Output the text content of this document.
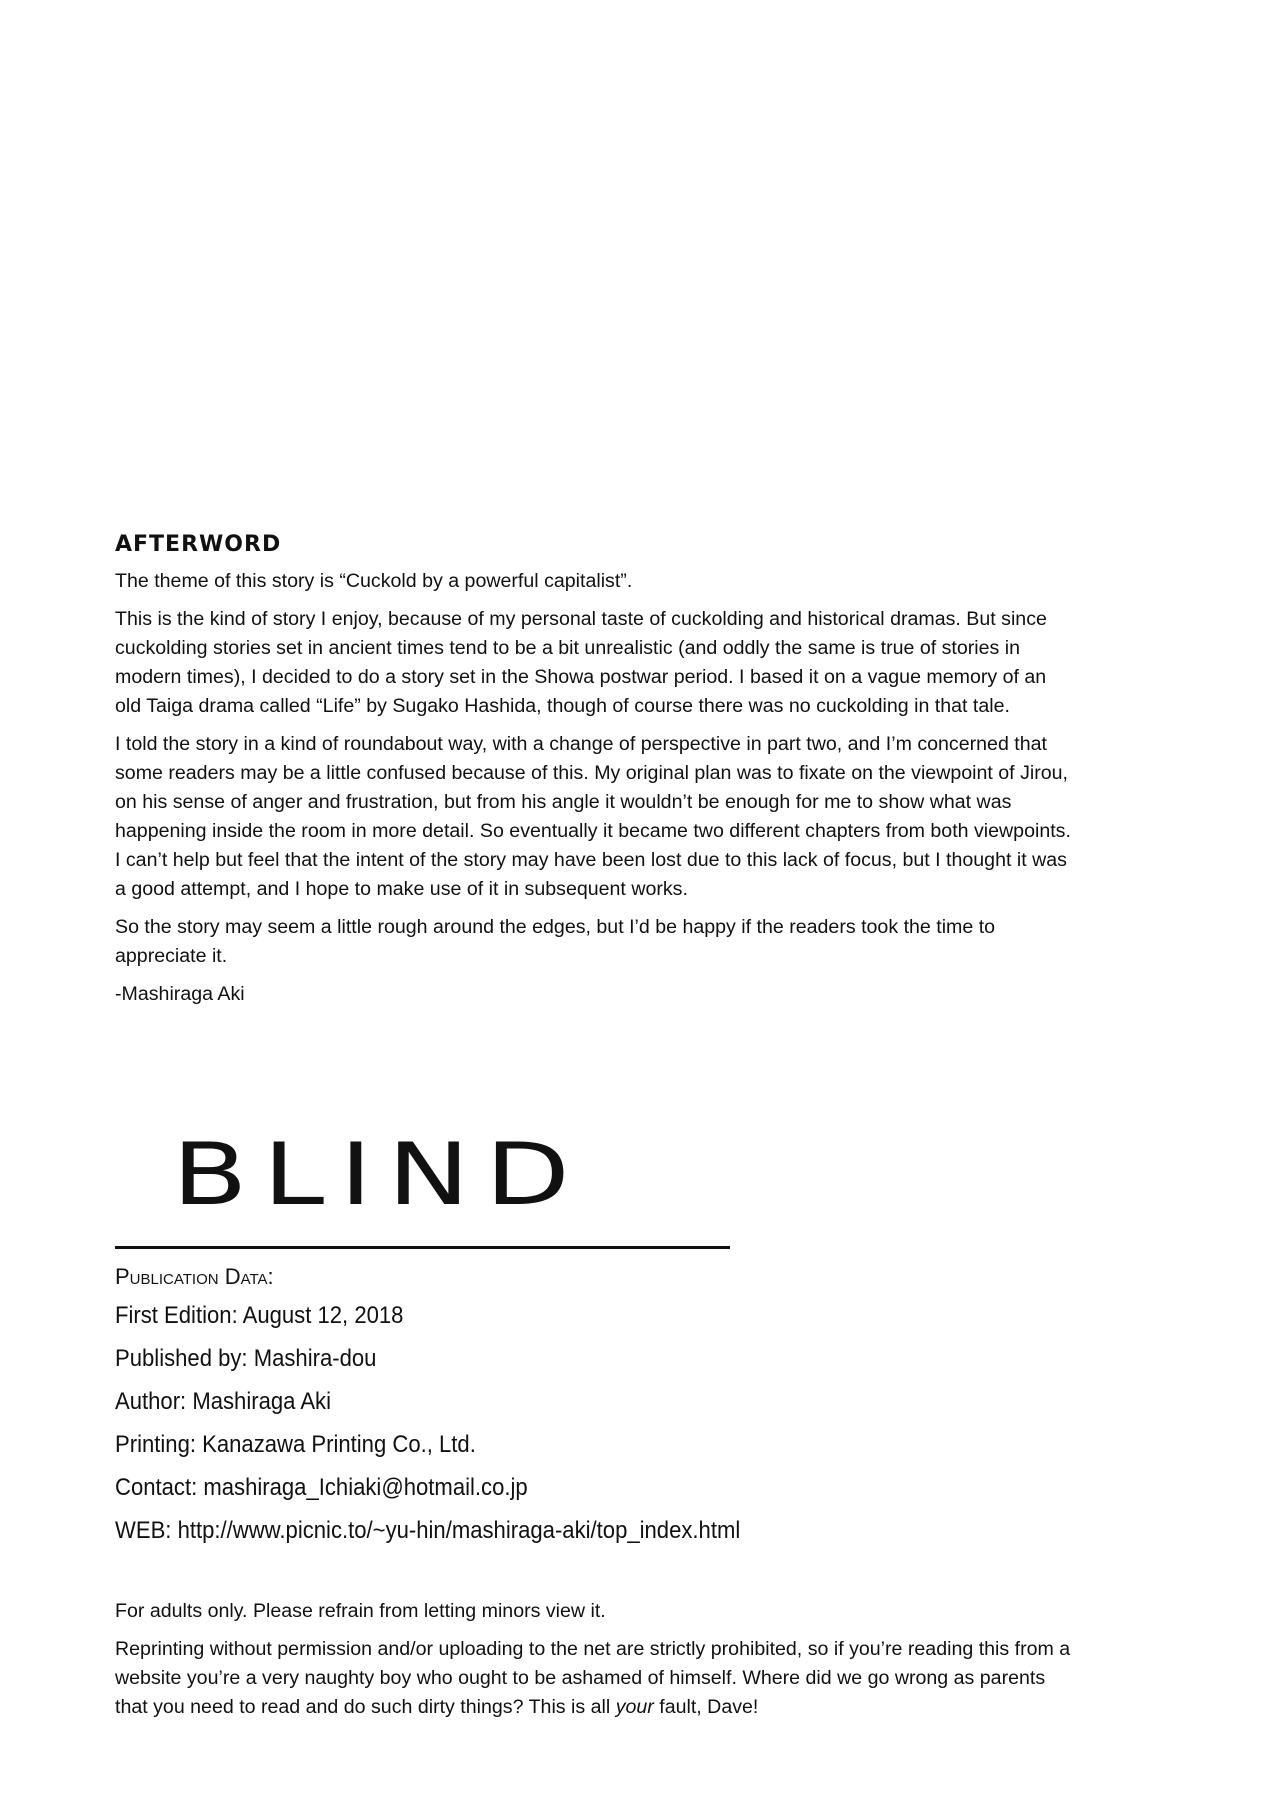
AFTERWORD

The theme of this story is “Cuckold by a powerful capitalist”.

This is the kind of story I enjoy, because of my personal taste of cuckolding and historical dramas. But since cuckolding stories set in ancient times tend to be a bit unrealistic (and oddly the same is true of stories in modern times), I decided to do a story set in the Showa postwar period. I based it on a vague memory of an old Taiga drama called “Life” by Sugako Hashida, though of course there was no cuckolding in that tale.

I told the story in a kind of roundabout way, with a change of perspective in part two, and I’m concerned that some readers may be a little confused because of this. My original plan was to fixate on the viewpoint of Jirou, on his sense of anger and frustration, but from his angle it wouldn’t be enough for me to show what was happening inside the room in more detail. So eventually it became two different chapters from both viewpoints. I can’t help but feel that the intent of the story may have been lost due to this lack of focus, but I thought it was a good attempt, and I hope to make use of it in subsequent works.

So the story may seem a little rough around the edges, but I’d be happy if the readers took the time to appreciate it.

-Mashiraga Aki
BLIND
Publication Data:
First Edition: August 12, 2018
Published by: Mashira-dou
Author: Mashiraga Aki
Printing: Kanazawa Printing Co., Ltd.
Contact: mashiraga_Ichiaki@hotmail.co.jp
WEB: http://www.picnic.to/~yu-hin/mashiraga-aki/top_index.html

For adults only. Please refrain from letting minors view it.

Reprinting without permission and/or uploading to the net are strictly prohibited, so if you’re reading this from a website you’re a very naughty boy who ought to be ashamed of himself. Where did we go wrong as parents that you need to read and do such dirty things? This is all your fault, Dave!
